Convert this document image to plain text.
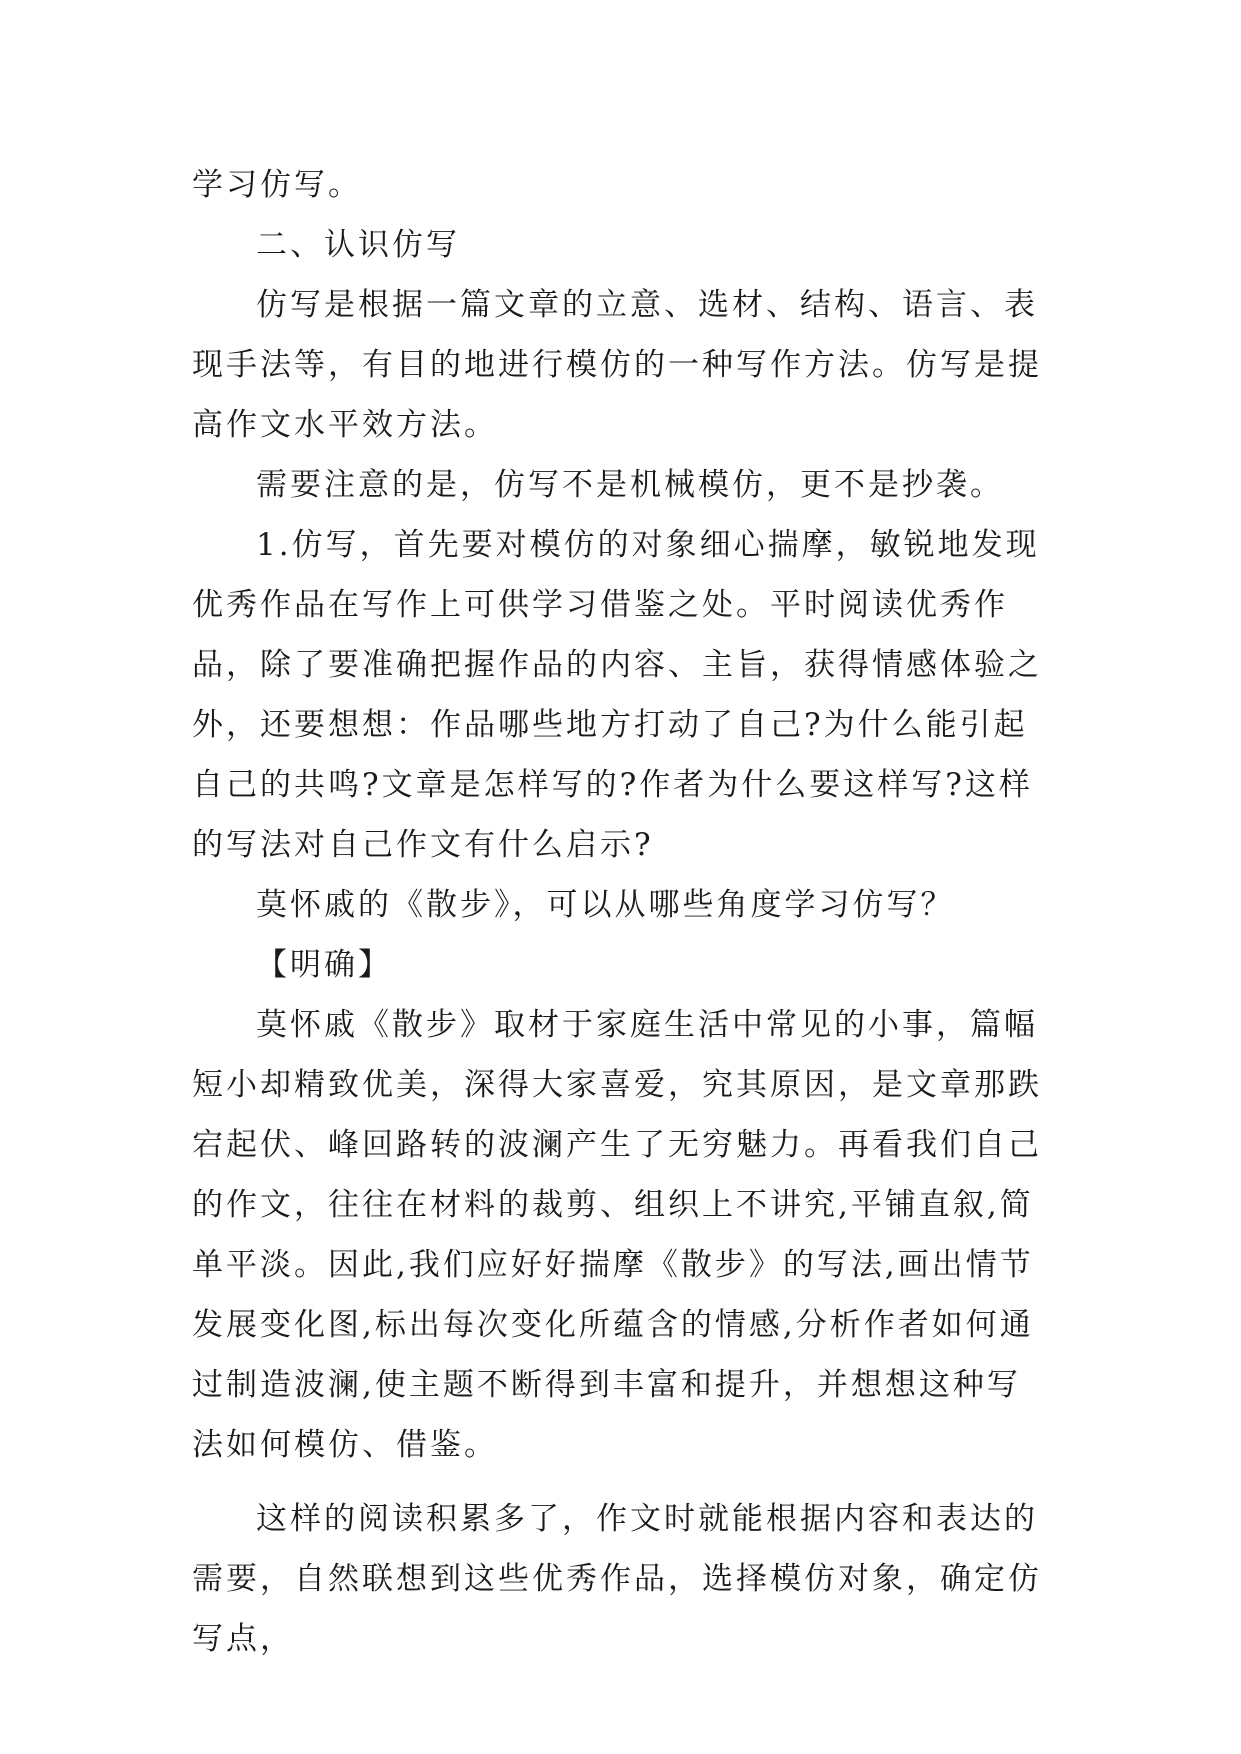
学习仿写。

二、认识仿写

仿写是根据一篇文章的立意、选材、结构、语言、表现手法等，有目的地进行模仿的一种写作方法。仿写是提高作文水平效方法。

需要注意的是，仿写不是机械模仿，更不是抄袭。

1.仿写，首先要对模仿的对象细心揣摩，敏锐地发现优秀作品在写作上可供学习借鉴之处。平时阅读优秀作品，除了要准确把握作品的内容、主旨，获得情感体验之外，还要想想：作品哪些地方打动了自己?为什么能引起自己的共鸣?文章是怎样写的?作者为什么要这样写?这样的写法对自己作文有什么启示?

莫怀戚的《散步》，可以从哪些角度学习仿写？

【明确】

莫怀戚《散步》取材于家庭生活中常见的小事，篇幅短小却精致优美，深得大家喜爱，究其原因，是文章那跌宕起伏、峰回路转的波澜产生了无穷魅力。再看我们自己的作文，往往在材料的裁剪、组织上不讲究,平铺直叙,简单平淡。因此,我们应好好揣摩《散步》的写法,画出情节发展变化图,标出每次变化所蕴含的情感,分析作者如何通过制造波澜,使主题不断得到丰富和提升，并想想这种写法如何模仿、借鉴。

这样的阅读积累多了，作文时就能根据内容和表达的需要，自然联想到这些优秀作品，选择模仿对象，确定仿写点，
